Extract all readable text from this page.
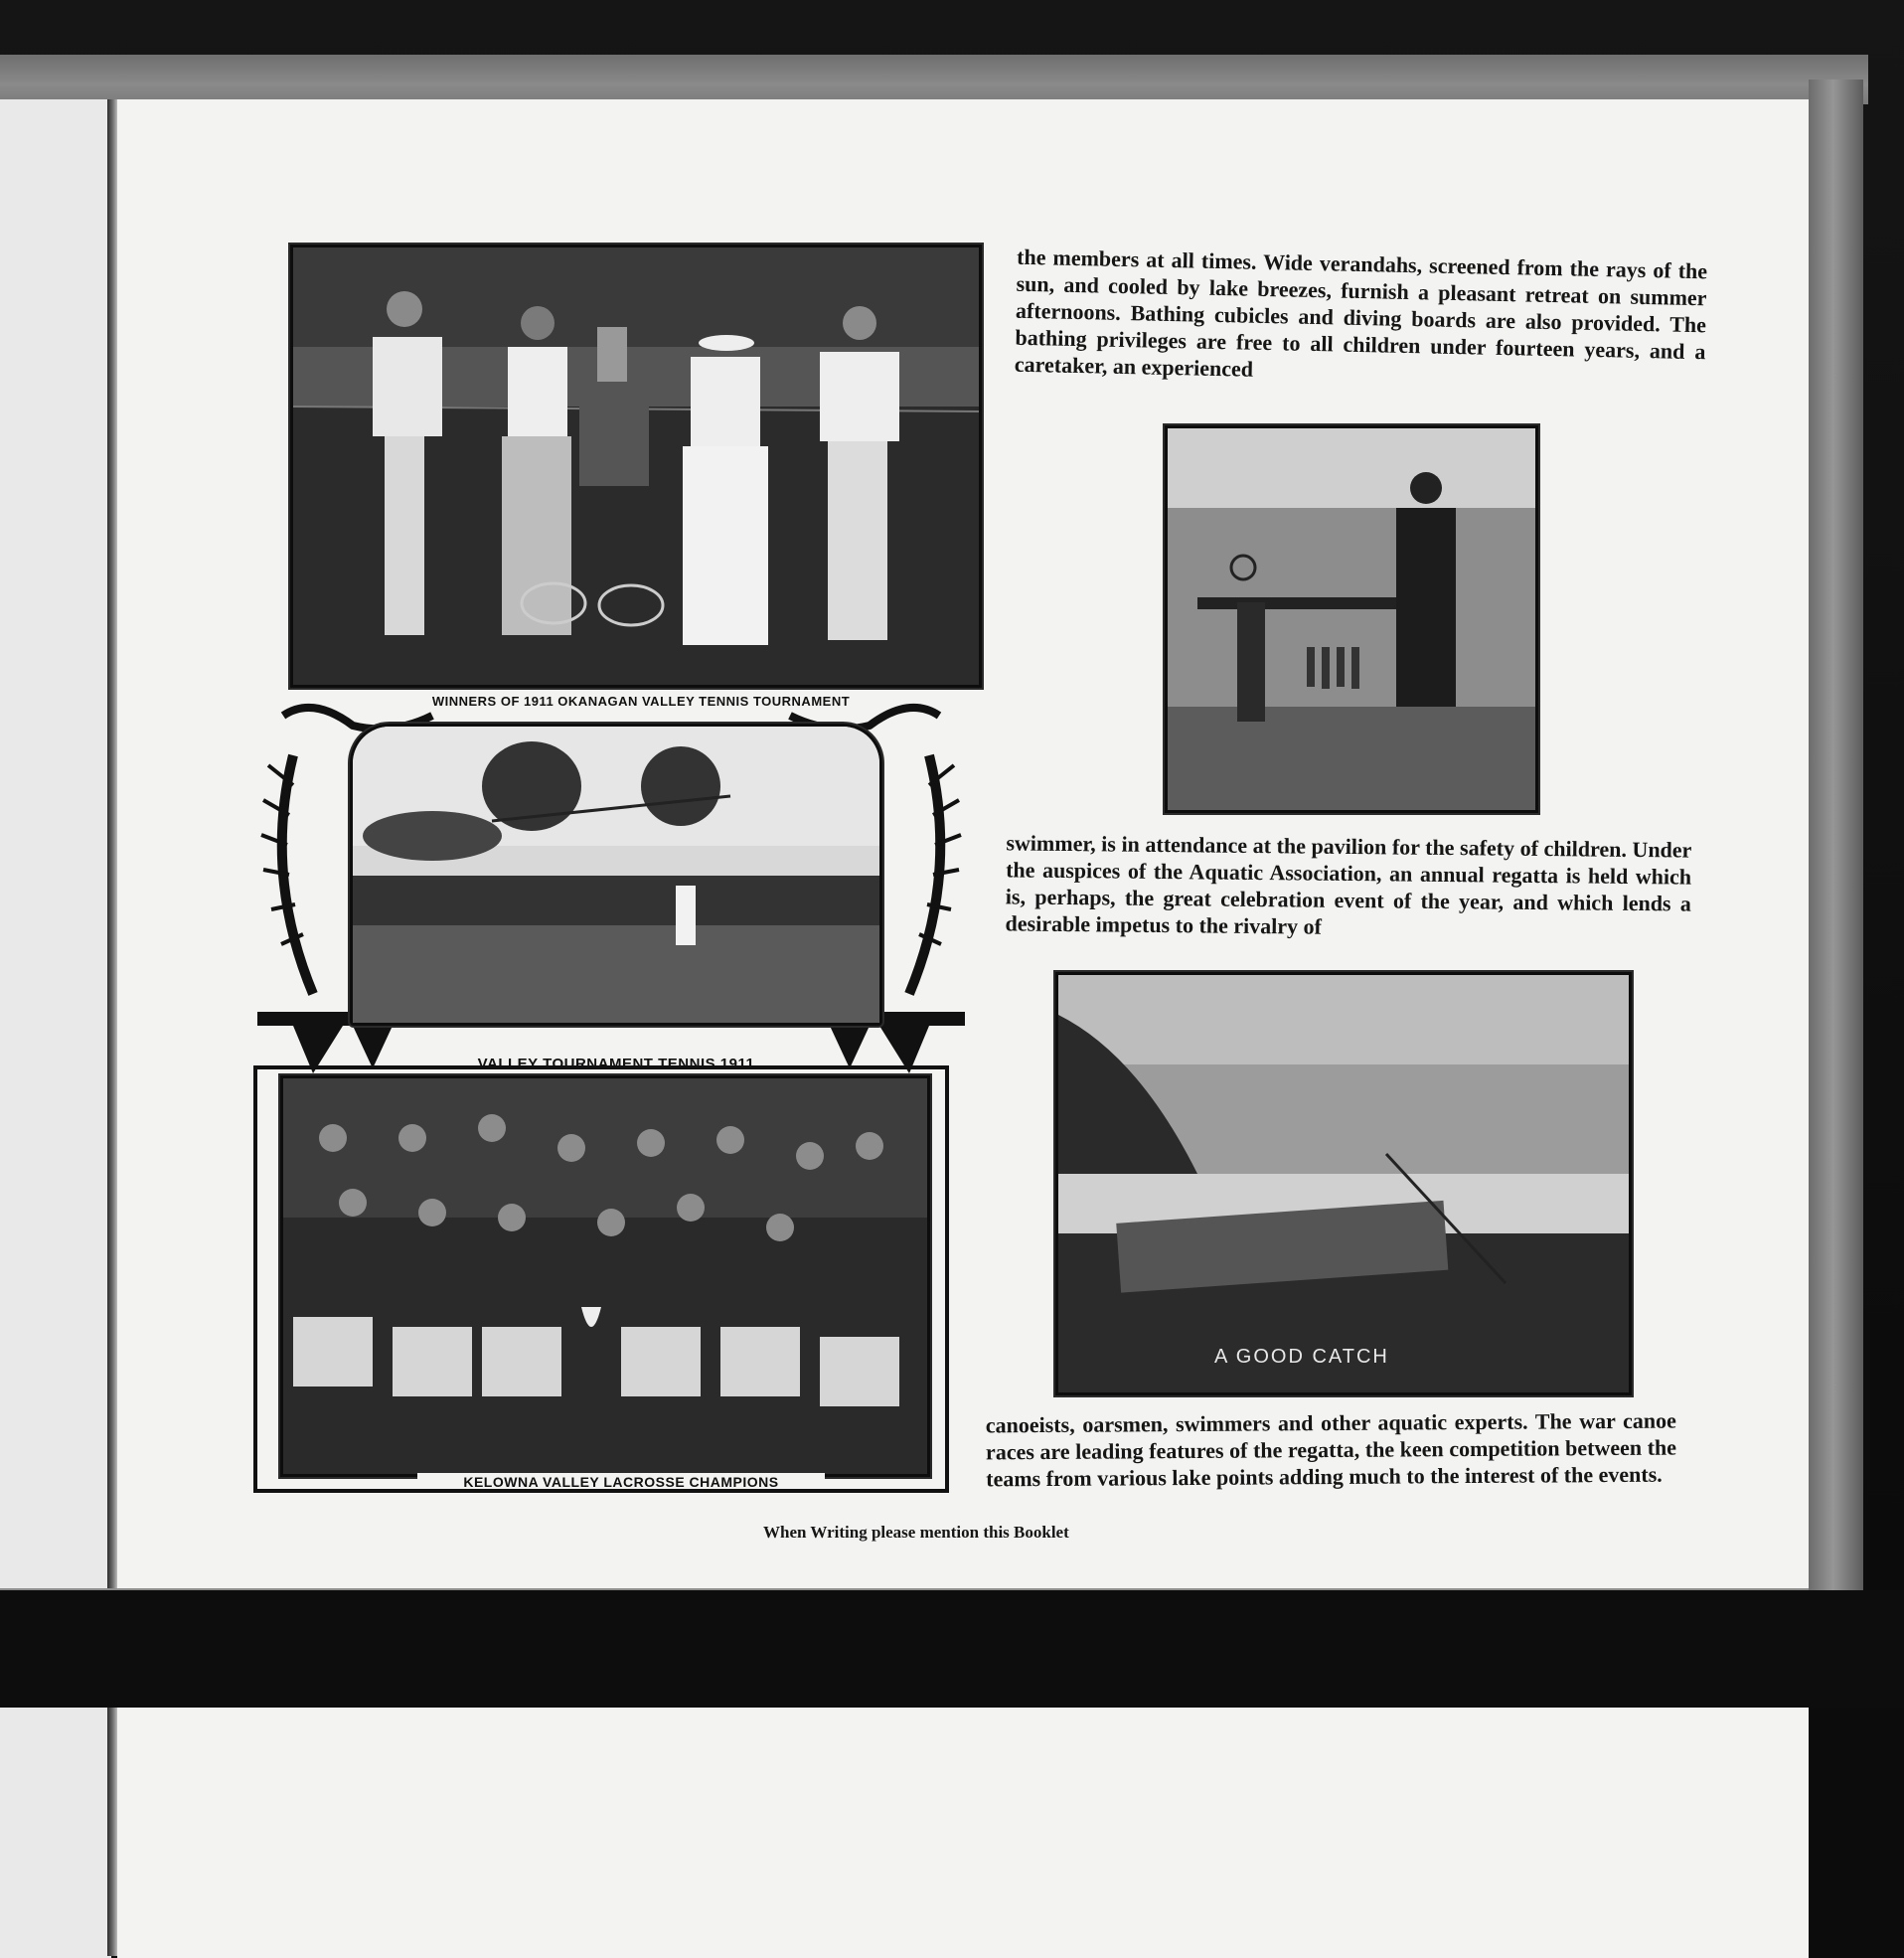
WINNERS OF 1911 OKANAGAN VALLEY TENNIS TOURNAMENT
VALLEY TOURNAMENT TENNIS 1911
KELOWNA VALLEY LACROSSE CHAMPIONS
the members at all times. Wide verandahs, screened from the rays of the sun, and cooled by lake breezes, furnish a pleasant retreat on summer afternoons. Bathing cubicles and diving boards are also provided. The bathing privileges are free to all children under fourteen years, and a caretaker, an experienced
swimmer, is in attendance at the pavilion for the safety of children. Under the auspices of the Aquatic Association, an annual regatta is held which is, perhaps, the great celebration event of the year, and which lends a desirable impetus to the rivalry of
A GOOD CATCH
canoeists, oarsmen, swimmers and other aquatic experts. The war canoe races are leading features of the regatta, the keen competition between the teams from various lake points adding much to the interest of the events.
When Writing please mention this Booklet
